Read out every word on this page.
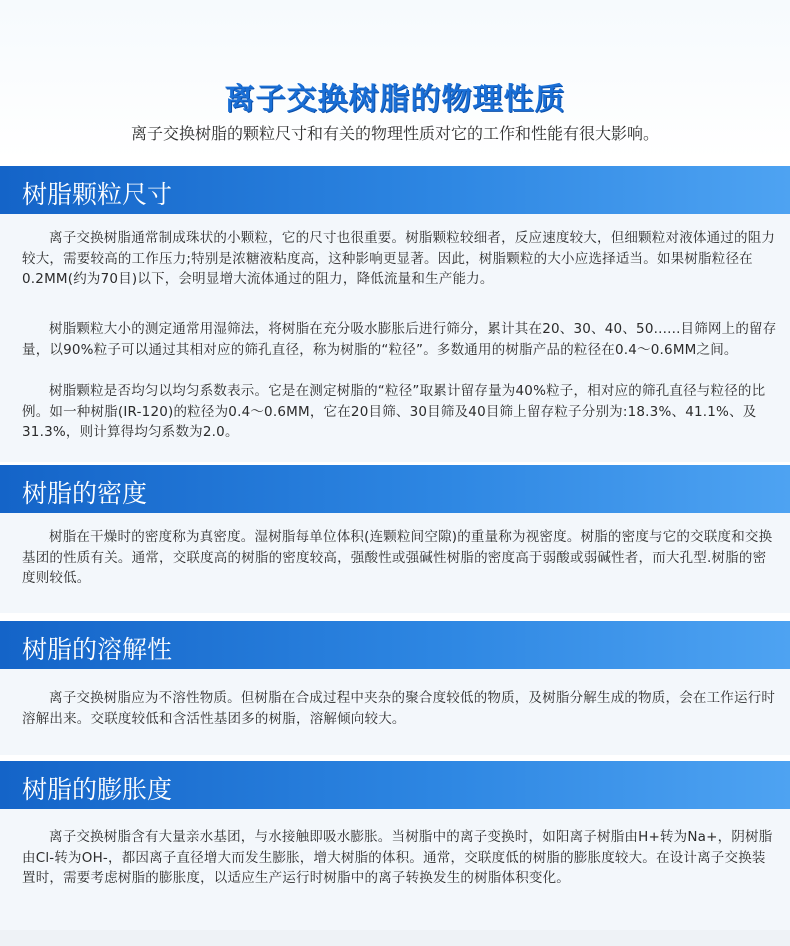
离子交换树脂的物理性质
离子交换树脂的颗粒尺寸和有关的物理性质对它的工作和性能有很大影响。
树脂颗粒尺寸
离子交换树脂通常制成珠状的小颗粒，它的尺寸也很重要。树脂颗粒较细者，反应速度较大，但细颗粒对液体通过的阻力较大，需要较高的工作压力;特别是浓糖液粘度高，这种影响更显著。因此，树脂颗粒的大小应选择适当。如果树脂粒径在0.2MM(约为70目)以下，会明显增大流体通过的阻力，降低流量和生产能力。
树脂颗粒大小的测定通常用湿筛法，将树脂在充分吸水膨胀后进行筛分，累计其在20、30、40、50......目筛网上的留存量，以90%粒子可以通过其相对应的筛孔直径，称为树脂的“粒径”。多数通用的树脂产品的粒径在0.4～0.6MM之间。
树脂颗粒是否均匀以均匀系数表示。它是在测定树脂的“粒径”取累计留存量为40%粒子，相对应的筛孔直径与粒径的比例。如一种树脂(IR-120)的粒径为0.4～0.6MM，它在20目筛、30目筛及40目筛上留存粒子分别为:18.3%、41.1%、及31.3%，则计算得均匀系数为2.0。
树脂的密度
树脂在干燥时的密度称为真密度。湿树脂每单位体积(连颗粒间空隙)的重量称为视密度。树脂的密度与它的交联度和交换基团的性质有关。通常，交联度高的树脂的密度较高，强酸性或强碱性树脂的密度高于弱酸或弱碱性者，而大孔型.树脂的密度则较低。
树脂的溶解性
离子交换树脂应为不溶性物质。但树脂在合成过程中夹杂的聚合度较低的物质，及树脂分解生成的物质，会在工作运行时溶解出来。交联度较低和含活性基团多的树脂，溶解倾向较大。
树脂的膨胀度
离子交换树脂含有大量亲水基团，与水接触即吸水膨胀。当树脂中的离子变换时，如阳离子树脂由H+转为Na+，阴树脂由Cl-转为OH-，都因离子直径增大而发生膨胀，增大树脂的体积。通常，交联度低的树脂的膨胀度较大。在设计离子交换装置时，需要考虑树脂的膨胀度，以适应生产运行时树脂中的离子转换发生的树脂体积变化。
